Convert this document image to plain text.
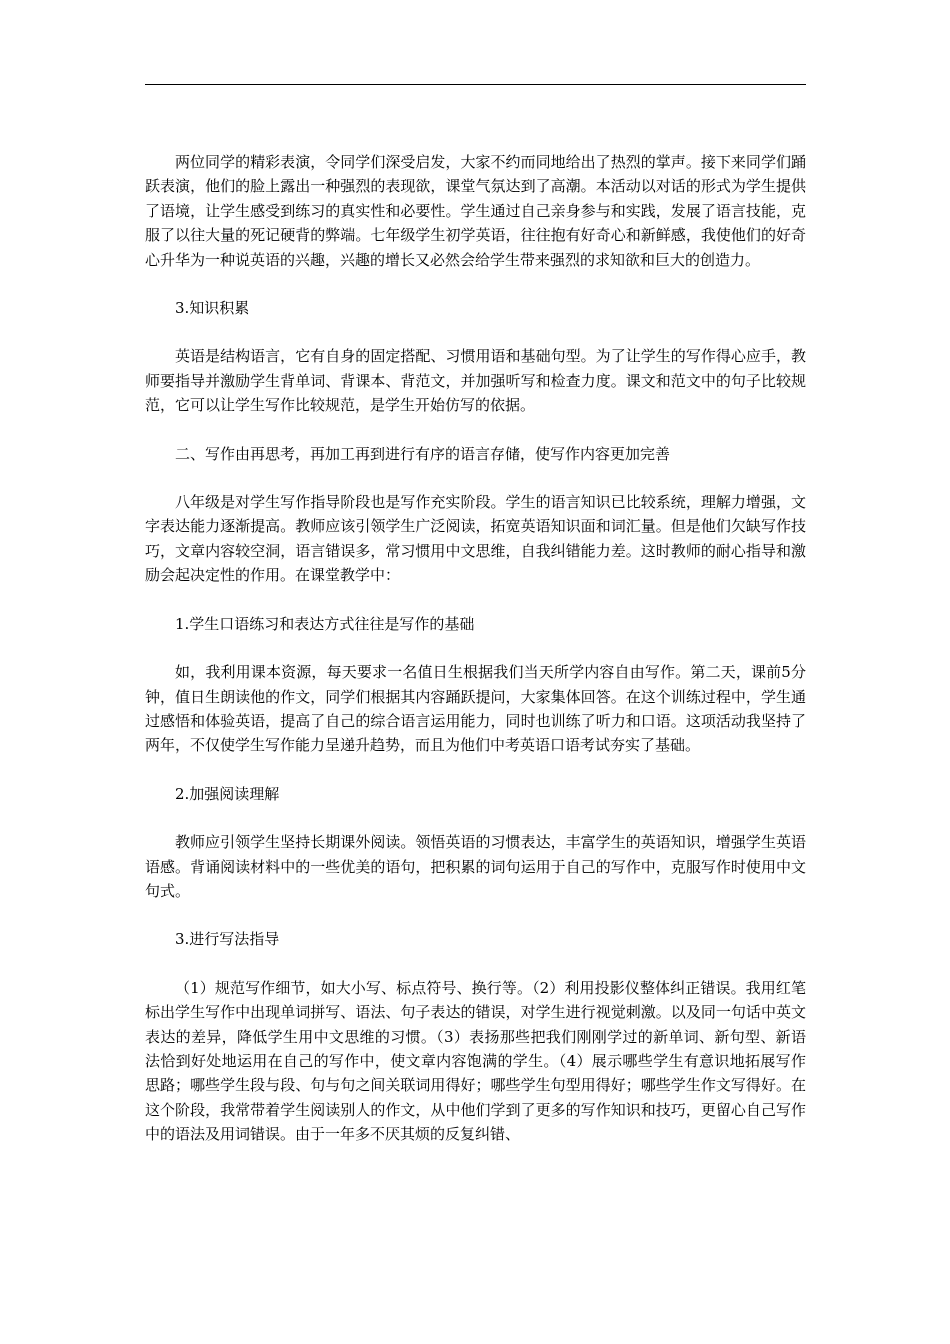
两位同学的精彩表演，令同学们深受启发，大家不约而同地给出了热烈的掌声。接下来同学们踊跃表演，他们的脸上露出一种强烈的表现欲，课堂气氛达到了高潮。本活动以对话的形式为学生提供了语境，让学生感受到练习的真实性和必要性。学生通过自己亲身参与和实践，发展了语言技能，克服了以往大量的死记硬背的弊端。七年级学生初学英语，往往抱有好奇心和新鲜感，我使他们的好奇心升华为一种说英语的兴趣，兴趣的增长又必然会给学生带来强烈的求知欲和巨大的创造力。

3.知识积累

英语是结构语言，它有自身的固定搭配、习惯用语和基础句型。为了让学生的写作得心应手，教师要指导并激励学生背单词、背课本、背范文，并加强听写和检查力度。课文和范文中的句子比较规范，它可以让学生写作比较规范，是学生开始仿写的依据。

二、写作由再思考，再加工再到进行有序的语言存储，使写作内容更加完善

八年级是对学生写作指导阶段也是写作充实阶段。学生的语言知识已比较系统，理解力增强，文字表达能力逐渐提高。教师应该引领学生广泛阅读，拓宽英语知识面和词汇量。但是他们欠缺写作技巧，文章内容较空洞，语言错误多，常习惯用中文思维，自我纠错能力差。这时教师的耐心指导和激励会起决定性的作用。在课堂教学中：

1.学生口语练习和表达方式往往是写作的基础

如，我利用课本资源，每天要求一名值日生根据我们当天所学内容自由写作。第二天，课前5分钟，值日生朗读他的作文，同学们根据其内容踊跃提问，大家集体回答。在这个训练过程中，学生通过感悟和体验英语，提高了自己的综合语言运用能力，同时也训练了听力和口语。这项活动我坚持了两年，不仅使学生写作能力呈递升趋势，而且为他们中考英语口语考试夯实了基础。

2.加强阅读理解

教师应引领学生坚持长期课外阅读。领悟英语的习惯表达，丰富学生的英语知识，增强学生英语语感。背诵阅读材料中的一些优美的语句，把积累的词句运用于自己的写作中，克服写作时使用中文句式。

3.进行写法指导

（1）规范写作细节，如大小写、标点符号、换行等。（2）利用投影仪整体纠正错误。我用红笔标出学生写作中出现单词拼写、语法、句子表达的错误，对学生进行视觉刺激。以及同一句话中英文表达的差异，降低学生用中文思维的习惯。（3）表扬那些把我们刚刚学过的新单词、新句型、新语法恰到好处地运用在自己的写作中，使文章内容饱满的学生。（4）展示哪些学生有意识地拓展写作思路；哪些学生段与段、句与句之间关联词用得好；哪些学生句型用得好；哪些学生作文写得好。在这个阶段，我常带着学生阅读别人的作文，从中他们学到了更多的写作知识和技巧，更留心自己写作中的语法及用词错误。由于一年多不厌其烦的反复纠错、
